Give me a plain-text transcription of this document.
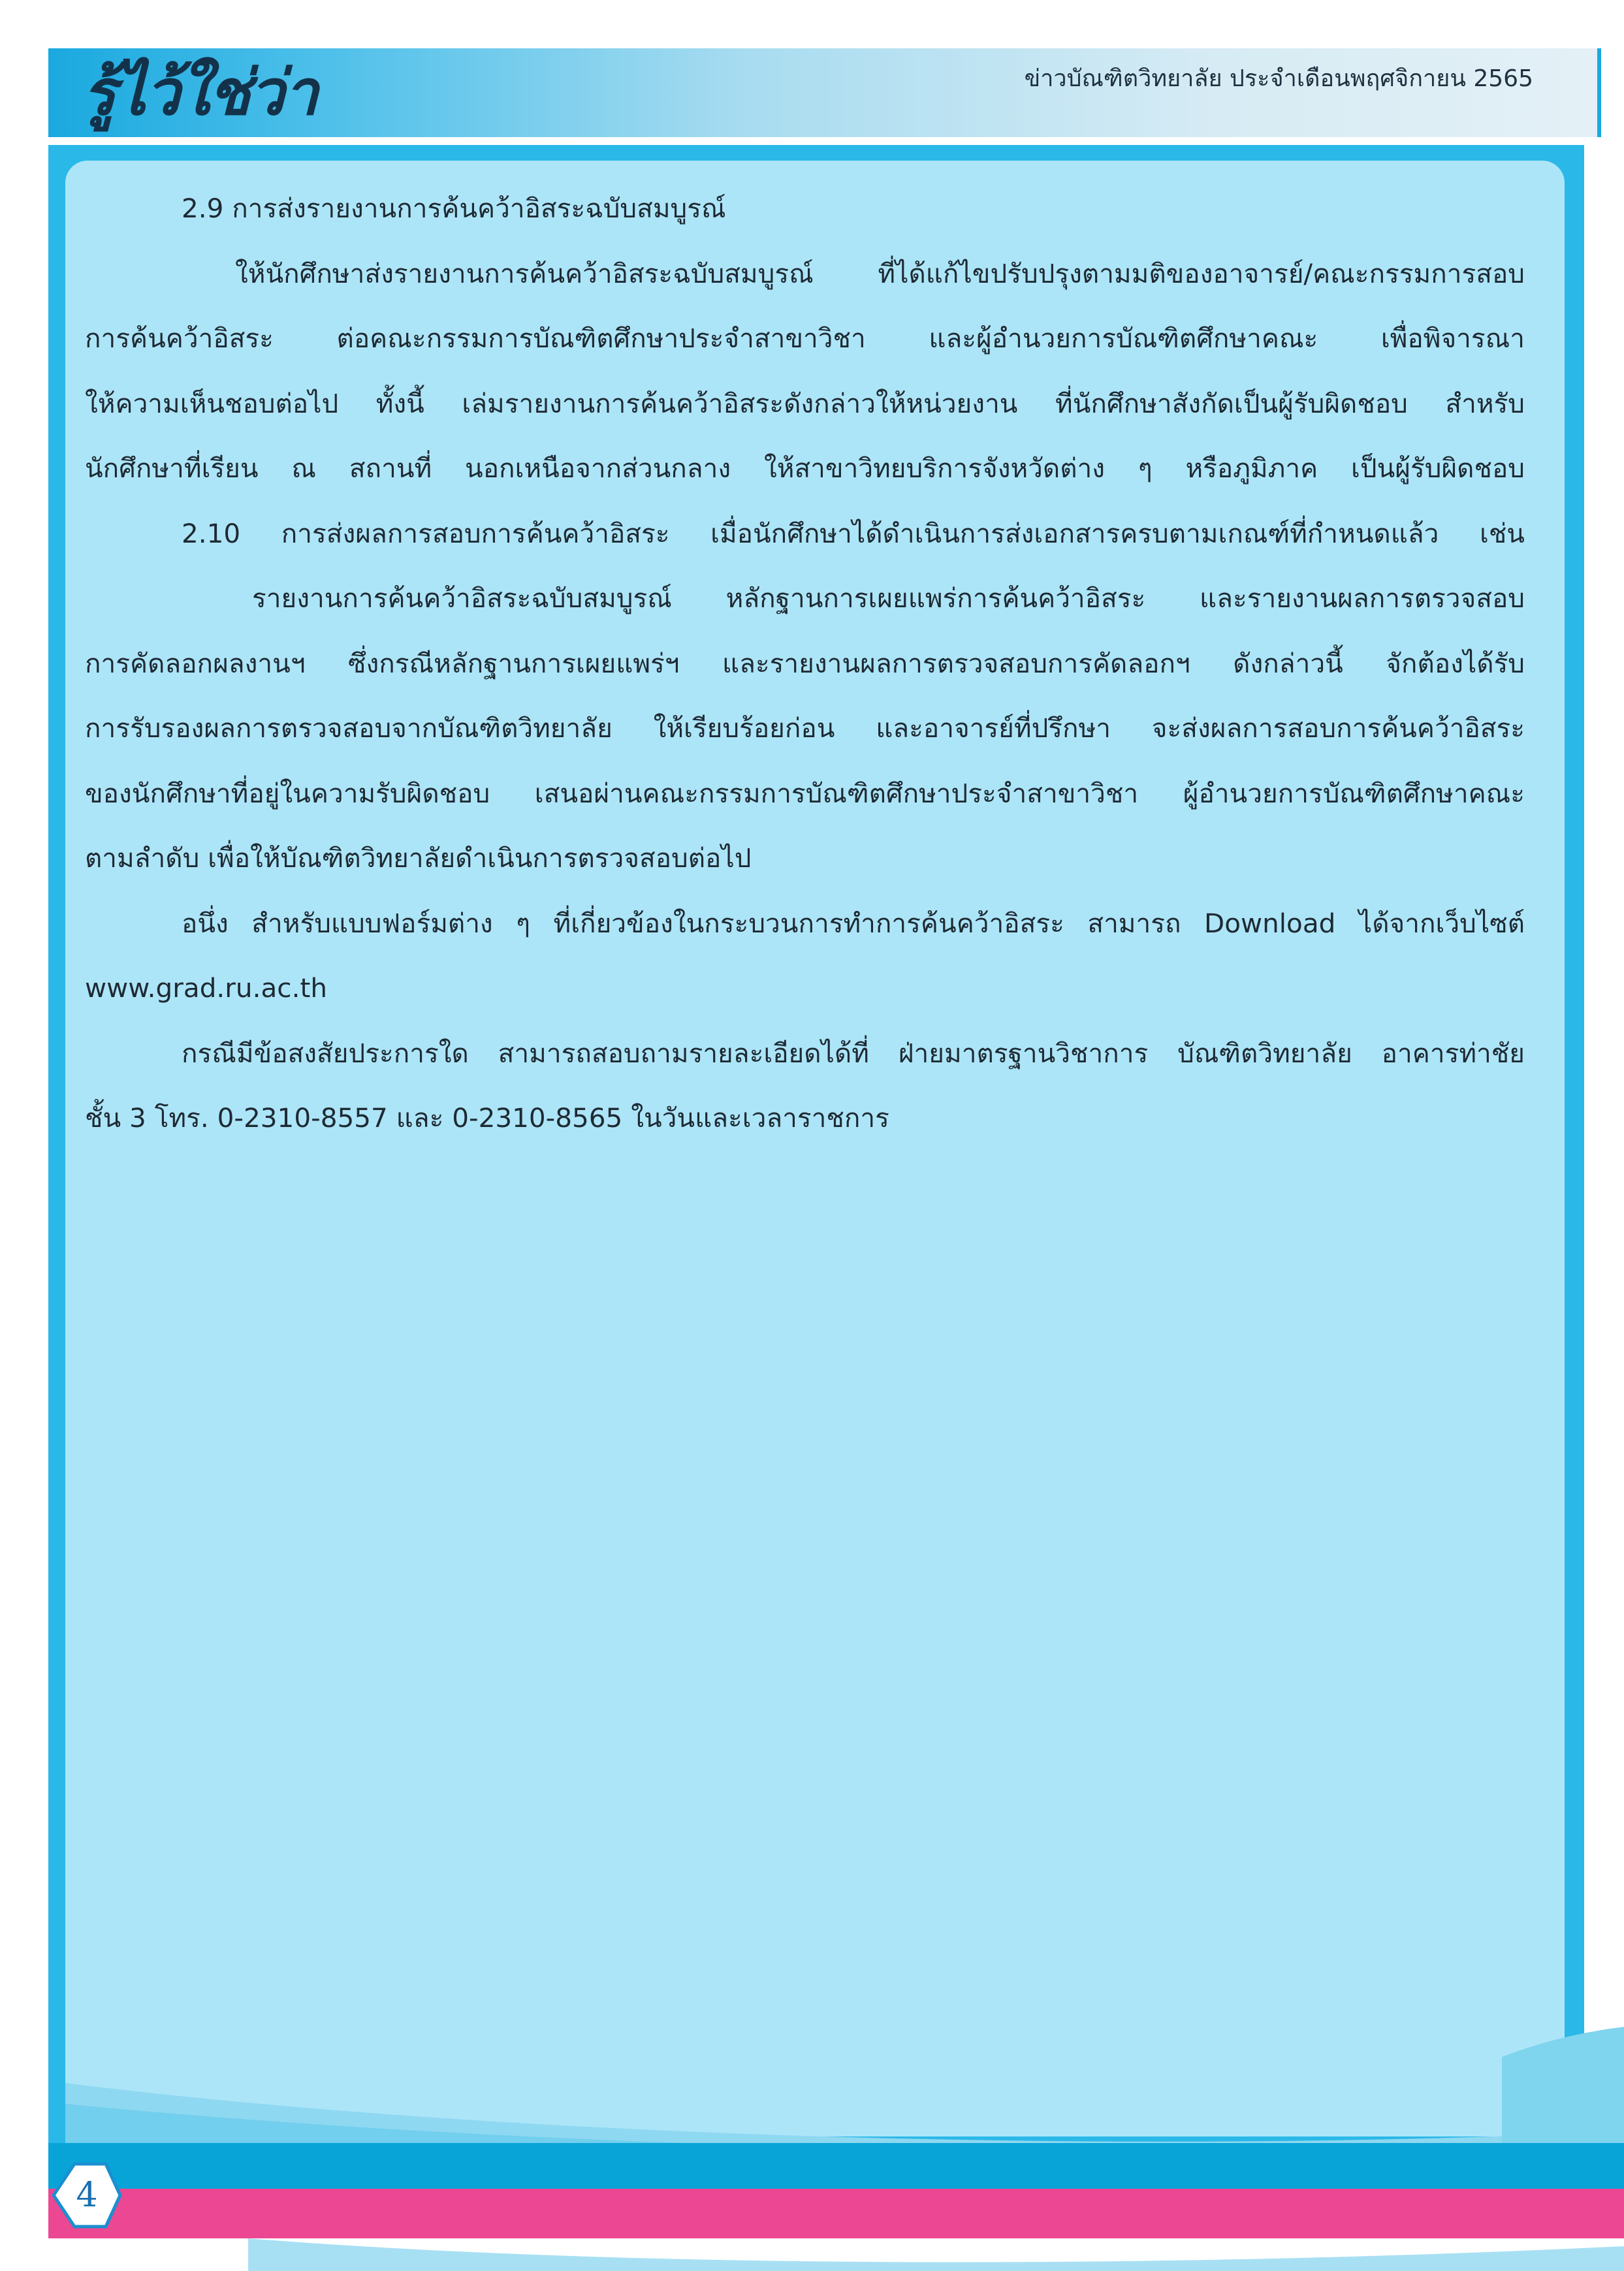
รู้ไว้ใช่ว่า	ข่าวบัณฑิตวิทยาลัย ประจำเดือนพฤศจิกายน 2565

2.9 การส่งรายงานการค้นคว้าอิสระฉบับสมบูรณ์

ให้นักศึกษาส่งรายงานการค้นคว้าอิสระฉบับสมบูรณ์ ที่ได้แก้ไขปรับปรุงตามมติของอาจารย์/คณะกรรมการสอบ

การค้นคว้าอิสระ ต่อคณะกรรมการบัณฑิตศึกษาประจำสาขาวิชา และผู้อำนวยการบัณฑิตศึกษาคณะ เพื่อพิจารณา

ให้ความเห็นชอบต่อไป ทั้งนี้ เล่มรายงานการค้นคว้าอิสระดังกล่าวให้หน่วยงาน ที่นักศึกษาสังกัดเป็นผู้รับผิดชอบ สำหรับ

นักศึกษาที่เรียน ณ สถานที่ นอกเหนือจากส่วนกลาง ให้สาขาวิทยบริการจังหวัดต่าง ๆ หรือภูมิภาค เป็นผู้รับผิดชอบ

2.10 การส่งผลการสอบการค้นคว้าอิสระ เมื่อนักศึกษาได้ดำเนินการส่งเอกสารครบตามเกณฑ์ที่กำหนดแล้ว เช่น

รายงานการค้นคว้าอิสระฉบับสมบูรณ์ หลักฐานการเผยแพร่การค้นคว้าอิสระ และรายงานผลการตรวจสอบ

การคัดลอกผลงานฯ ซึ่งกรณีหลักฐานการเผยแพร่ฯ และรายงานผลการตรวจสอบการคัดลอกฯ ดังกล่าวนี้ จักต้องได้รับ

การรับรองผลการตรวจสอบจากบัณฑิตวิทยาลัย ให้เรียบร้อยก่อน และอาจารย์ที่ปรึกษา จะส่งผลการสอบการค้นคว้าอิสระ

ของนักศึกษาที่อยู่ในความรับผิดชอบ เสนอผ่านคณะกรรมการบัณฑิตศึกษาประจำสาขาวิชา ผู้อำนวยการบัณฑิตศึกษาคณะ

ตามลำดับ เพื่อให้บัณฑิตวิทยาลัยดำเนินการตรวจสอบต่อไป

อนึ่ง สำหรับแบบฟอร์มต่าง ๆ ที่เกี่ยวข้องในกระบวนการทำการค้นคว้าอิสระ สามารถ Download ได้จากเว็บไซต์

www.grad.ru.ac.th

กรณีมีข้อสงสัยประการใด สามารถสอบถามรายละเอียดได้ที่ ฝ่ายมาตรฐานวิชาการ บัณฑิตวิทยาลัย อาคารท่าชัย

ชั้น 3 โทร. 0-2310-8557 และ 0-2310-8565 ในวันและเวลาราชการ

4
